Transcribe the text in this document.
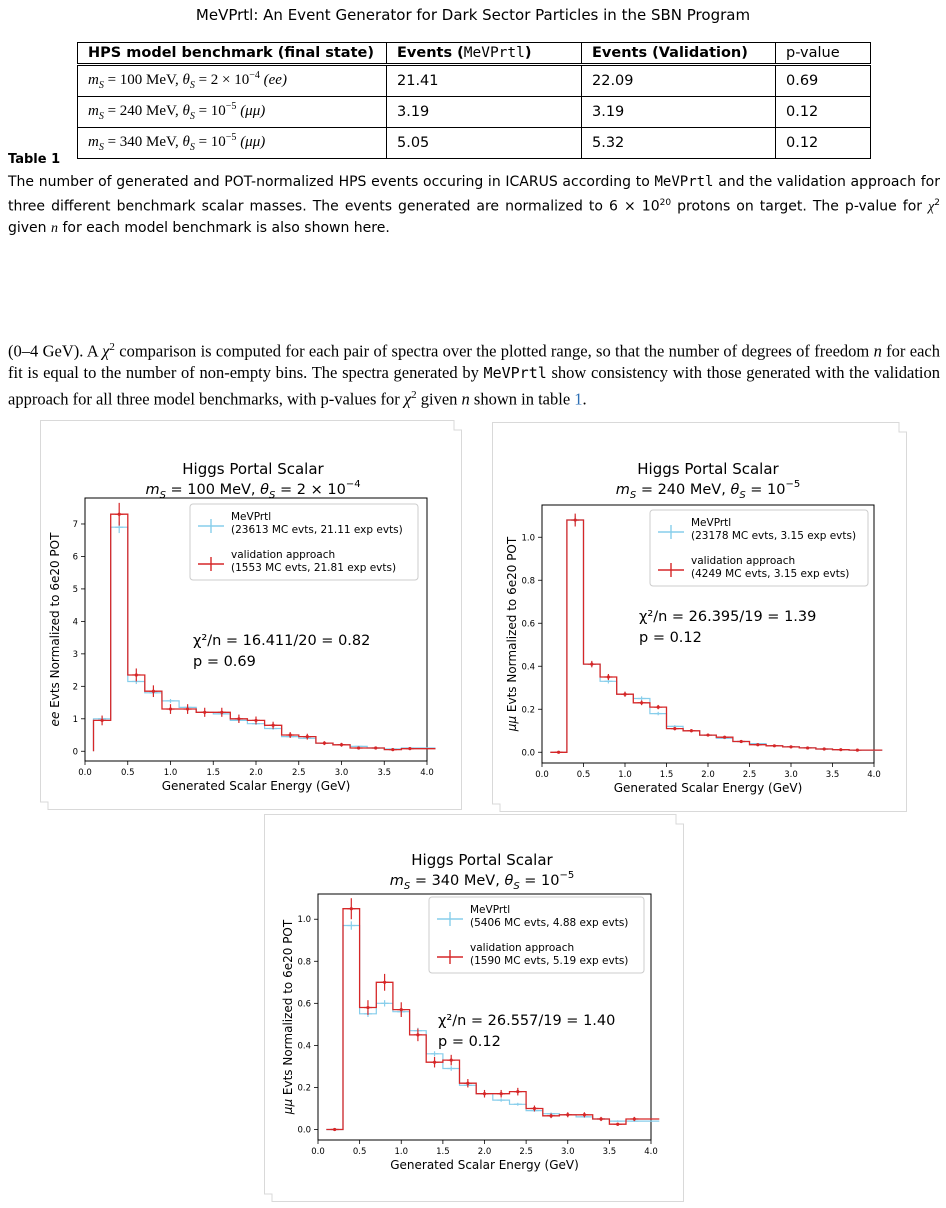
MeVPrtl: An Event Generator for Dark Sector Particles in the SBN Program
HPS model benchmark (final state)	Events (MeVPrtl)	Events (Validation)	p-value
$m_S = 100$ MeV, $\theta_S = 2 \times 10^{-4}$ (ee)	21.41	22.09	0.69
$m_S = 240$ MeV, $\theta_S = 10^{-5}$ (μμ)	3.19	3.19	0.12
$m_S = 340$ MeV, $\theta_S = 10^{-5}$ (μμ)	5.05	5.32	0.12
Table 1
The number of generated and POT-normalized HPS events occuring in ICARUS according to MeVPrtl and the validation approach for three different benchmark scalar masses. The events generated are normalized to $6 \times 10^{20}$ protons on target. The p-value for $\chi^2$ given n for each model benchmark is also shown here.
(0–4 GeV). A $\chi^2$ comparison is computed for each pair of spectra over the plotted range, so that the number of degrees of freedom n for each fit is equal to the number of non-empty bins. The spectra generated by MeVPrtl show consistency with those generated with the validation approach for all three model benchmarks, with p-values for $\chi^2$ given n shown in table 1.
Higgs Portal Scalar
$m_S = 100$ MeV, $\theta_S = 2 \times 10^{-4}$
0.0	0.5	1.0	1.5	2.0	2.5	3.0	3.5	4.0
0
1
2
3
4
5
6
7
Generated Scalar Energy (GeV)
ee Evts Normalized to 6e20 POT
MeVPrtl
(23613 MC evts, 21.11 exp evts)
validation approach
(1553 MC evts, 21.81 exp evts)
χ²/n = 16.411/20 = 0.82
p = 0.69
Higgs Portal Scalar
$m_S = 240$ MeV, $\theta_S = 10^{-5}$
0.0	0.5	1.0	1.5	2.0	2.5	3.0	3.5	4.0
0.0
0.2
0.4
0.6
0.8
1.0
Generated Scalar Energy (GeV)
μμ Evts Normalized to 6e20 POT
MeVPrtl
(23178 MC evts, 3.15 exp evts)
validation approach
(4249 MC evts, 3.15 exp evts)
χ²/n = 26.395/19 = 1.39
p = 0.12
Higgs Portal Scalar
$m_S = 340$ MeV, $\theta_S = 10^{-5}$
0.0	0.5	1.0	1.5	2.0	2.5	3.0	3.5	4.0
0.0
0.2
0.4
0.6
0.8
1.0
Generated Scalar Energy (GeV)
μμ Evts Normalized to 6e20 POT
MeVPrtl
(5406 MC evts, 4.88 exp evts)
validation approach
(1590 MC evts, 5.19 exp evts)
χ²/n = 26.557/19 = 1.40
p = 0.12
